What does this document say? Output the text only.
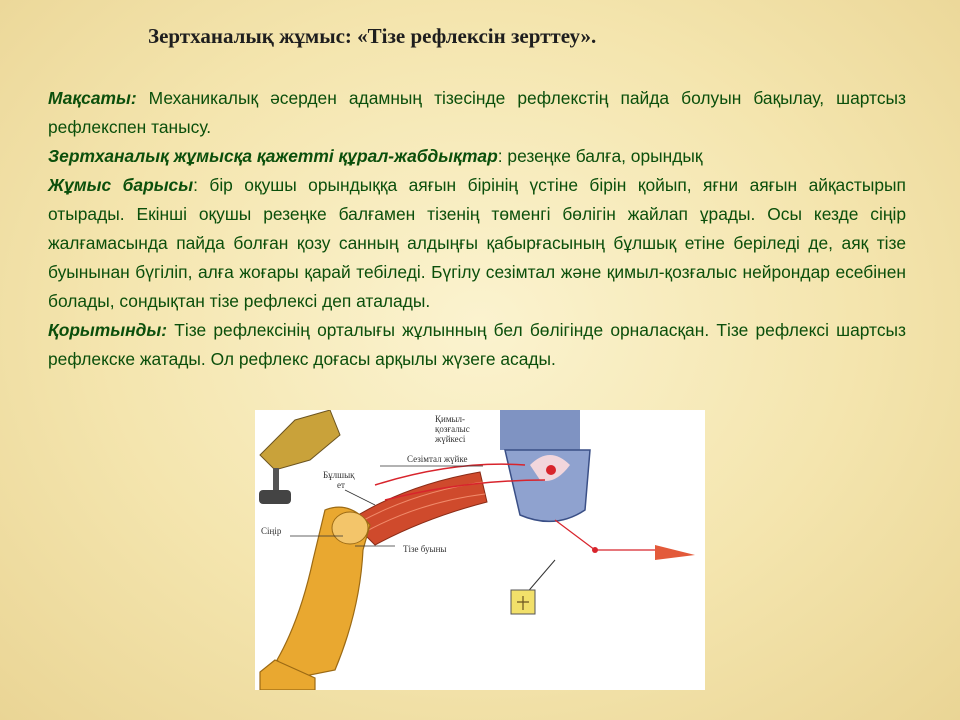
Зертханалық жұмыс: «Тізе рефлексін зерттеу».

Мақсаты: Механикалық әсерден адамның тізесінде рефлекстің пайда болуын бақылау, шартсыз рефлекспен танысу.

Зертханалық жұмысқа қажетті құрал-жабдықтар: резеңке балға, орындық

Жұмыс барысы: бір оқушы орындыққа аяғын бірінің үстіне бірін қойып, яғни аяғын айқастырып отырады. Екінші оқушы резеңке балғамен тізенің төменгі бөлігін жайлап ұрады. Осы кезде сіңір жалғамасында пайда болған қозу санның алдыңғы қабырғасының бұлшық етіне беріледі де, аяқ тізе буынынан бүгіліп, алға жоғары қарай тебіледі. Бүгілу сезімтал және қимыл-қозғалыс нейрондар есебінен болады, сондықтан тізе рефлексі деп аталады.

Қорытынды: Тізе рефлексінің орталығы жұлынның бел бөлігінде орналасқан. Тізе рефлексі шартсыз рефлекске жатады. Ол рефлекс доғасы арқылы жүзеге асады.

Қимыл-
қозғалыс
жүйкесі
Сезімтал жүйке
Бұлшық
ет
Сіңір
Тізе буыны
